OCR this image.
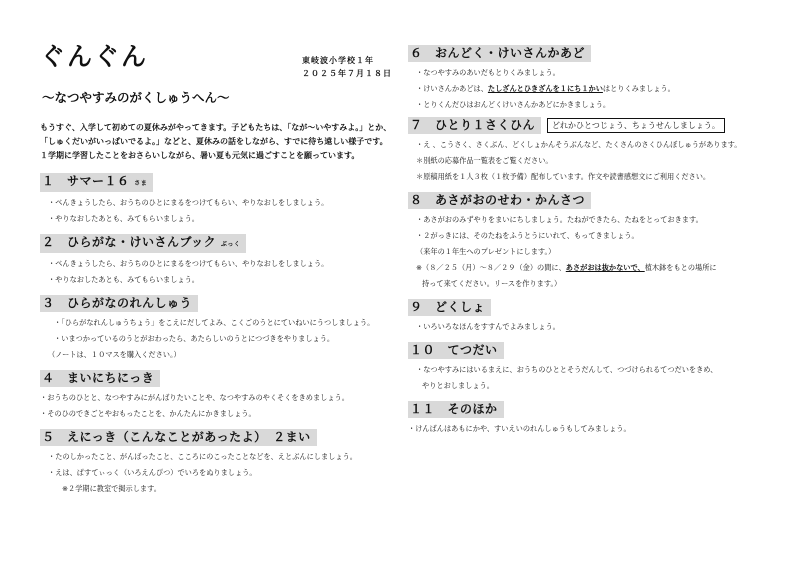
ぐんぐん	東岐波小学校１年
２０２５年７月１８日
～なつやすみのがくしゅうへん～
もうすぐ、入学して初めての夏休みがやってきます。子どもたちは、「なが～いやすみよ。」とか、「しゅくだいがいっぱいでるよ。」などと、夏休みの話をしながら、すでに待ち遠しい様子です。１学期に学習したことをおさらいしながら、暑い夏も元気に過ごすことを願っています。
１　サマー１６ さま
・べんきょうしたら、おうちのひとにまるをつけてもらい、やりなおしをしましょう。
・やりなおしたあとも、みてもらいましょう。
２　ひらがな・けいさんブック ぶっく
・べんきょうしたら、おうちのひとにまるをつけてもらい、やりなおしをしましょう。
・やりなおしたあとも、みてもらいましょう。
３　ひらがなのれんしゅう
・「ひらがなれんしゅうちょう」をこえにだしてよみ、こくごのうとにていねいにうつしましょう。
・いまつかっているのうとがおわったら、あたらしいのうとにつづきをやりましょう。
（ノートは、１０マスを購入ください。）
４　まいにちにっき
・おうちのひとと、なつやすみにがんばりたいことや、なつやすみのやくそくをきめましょう。
・そのひのできごとやおもったことを、かんたんにかきましょう。
５　えにっき（こんなことがあったよ）　２まい
・たのしかったこと、がんばったこと、こころにのこったことなどを、えとぶんにしましょう。
・えは、ぱすてぃっく（いろえんぴつ）でいろをぬりましょう。
※２学期に教室で掲示します。
６　おんどく・けいさんかあど
・なつやすみのあいだもとりくみましょう。
・けいさんかあどは、たしざんとひきざんを１にち１かいはとりくみましょう。
・とりくんだひはおんどくけいさんかあどにかきましょう。
７　ひとり１さくひん	どれかひとつじょう、ちょうせんしましょう。
・え 、こうさく、さくぶん、どくしょかんそうぶんなど、たくさんのさくひんぼしゅうがあります。
＊別紙の応募作品一覧表をご覧ください。
＊原稿用紙を１人３枚（１枚予備）配布しています。作文や読書感想文にご利用ください。
８　あさがおのせわ・かんさつ
・あさがおのみずやりをまいにちしましょう。たねができたら、たねをとっておきます。
・２がっきには、そのたねをふうとうにいれて、もってきましょう。
（来年の１年生へのプレゼントにします。）
※（８／２５（月）～８／２９（金）の間に、あさがおは抜かないで、植木鉢をもとの場所に
持って来てください。リースを作ります。）
９　どくしょ
・いろいろなほんをすすんでよみましょう。
１０　てつだい
・なつやすみにはいるまえに、おうちのひととそうだんして、つづけられるてつだいをきめ、
やりとおしましょう。
１１　そのほか
・けんばんはあもにかや、すいえいのれんしゅうもしてみましょう。
